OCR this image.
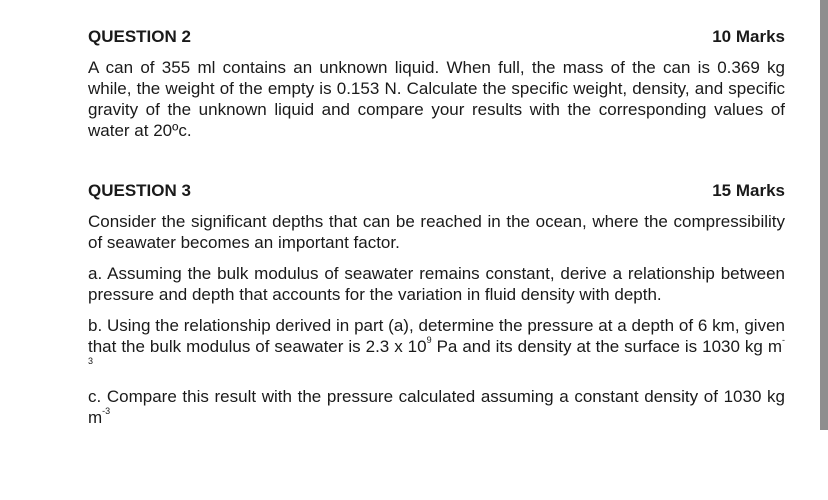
QUESTION 2	10 Marks
A can of 355 ml contains an unknown liquid. When full, the mass of the can is 0.369 kg while, the weight of the empty is 0.153 N. Calculate the specific weight, density, and specific gravity of the unknown liquid and compare your results with the corresponding values of water at 20ºc.
QUESTION 3	15 Marks
Consider the significant depths that can be reached in the ocean, where the compressibility of seawater becomes an important factor.
a. Assuming the bulk modulus of seawater remains constant, derive a relationship between pressure and depth that accounts for the variation in fluid density with depth.
b. Using the relationship derived in part (a), determine the pressure at a depth of 6 km, given that the bulk modulus of seawater is 2.3 x $10^9$ Pa and its density at the surface is 1030 kg $m^{-3}$
c. Compare this result with the pressure calculated assuming a constant density of 1030 kg $m^{-3}$
